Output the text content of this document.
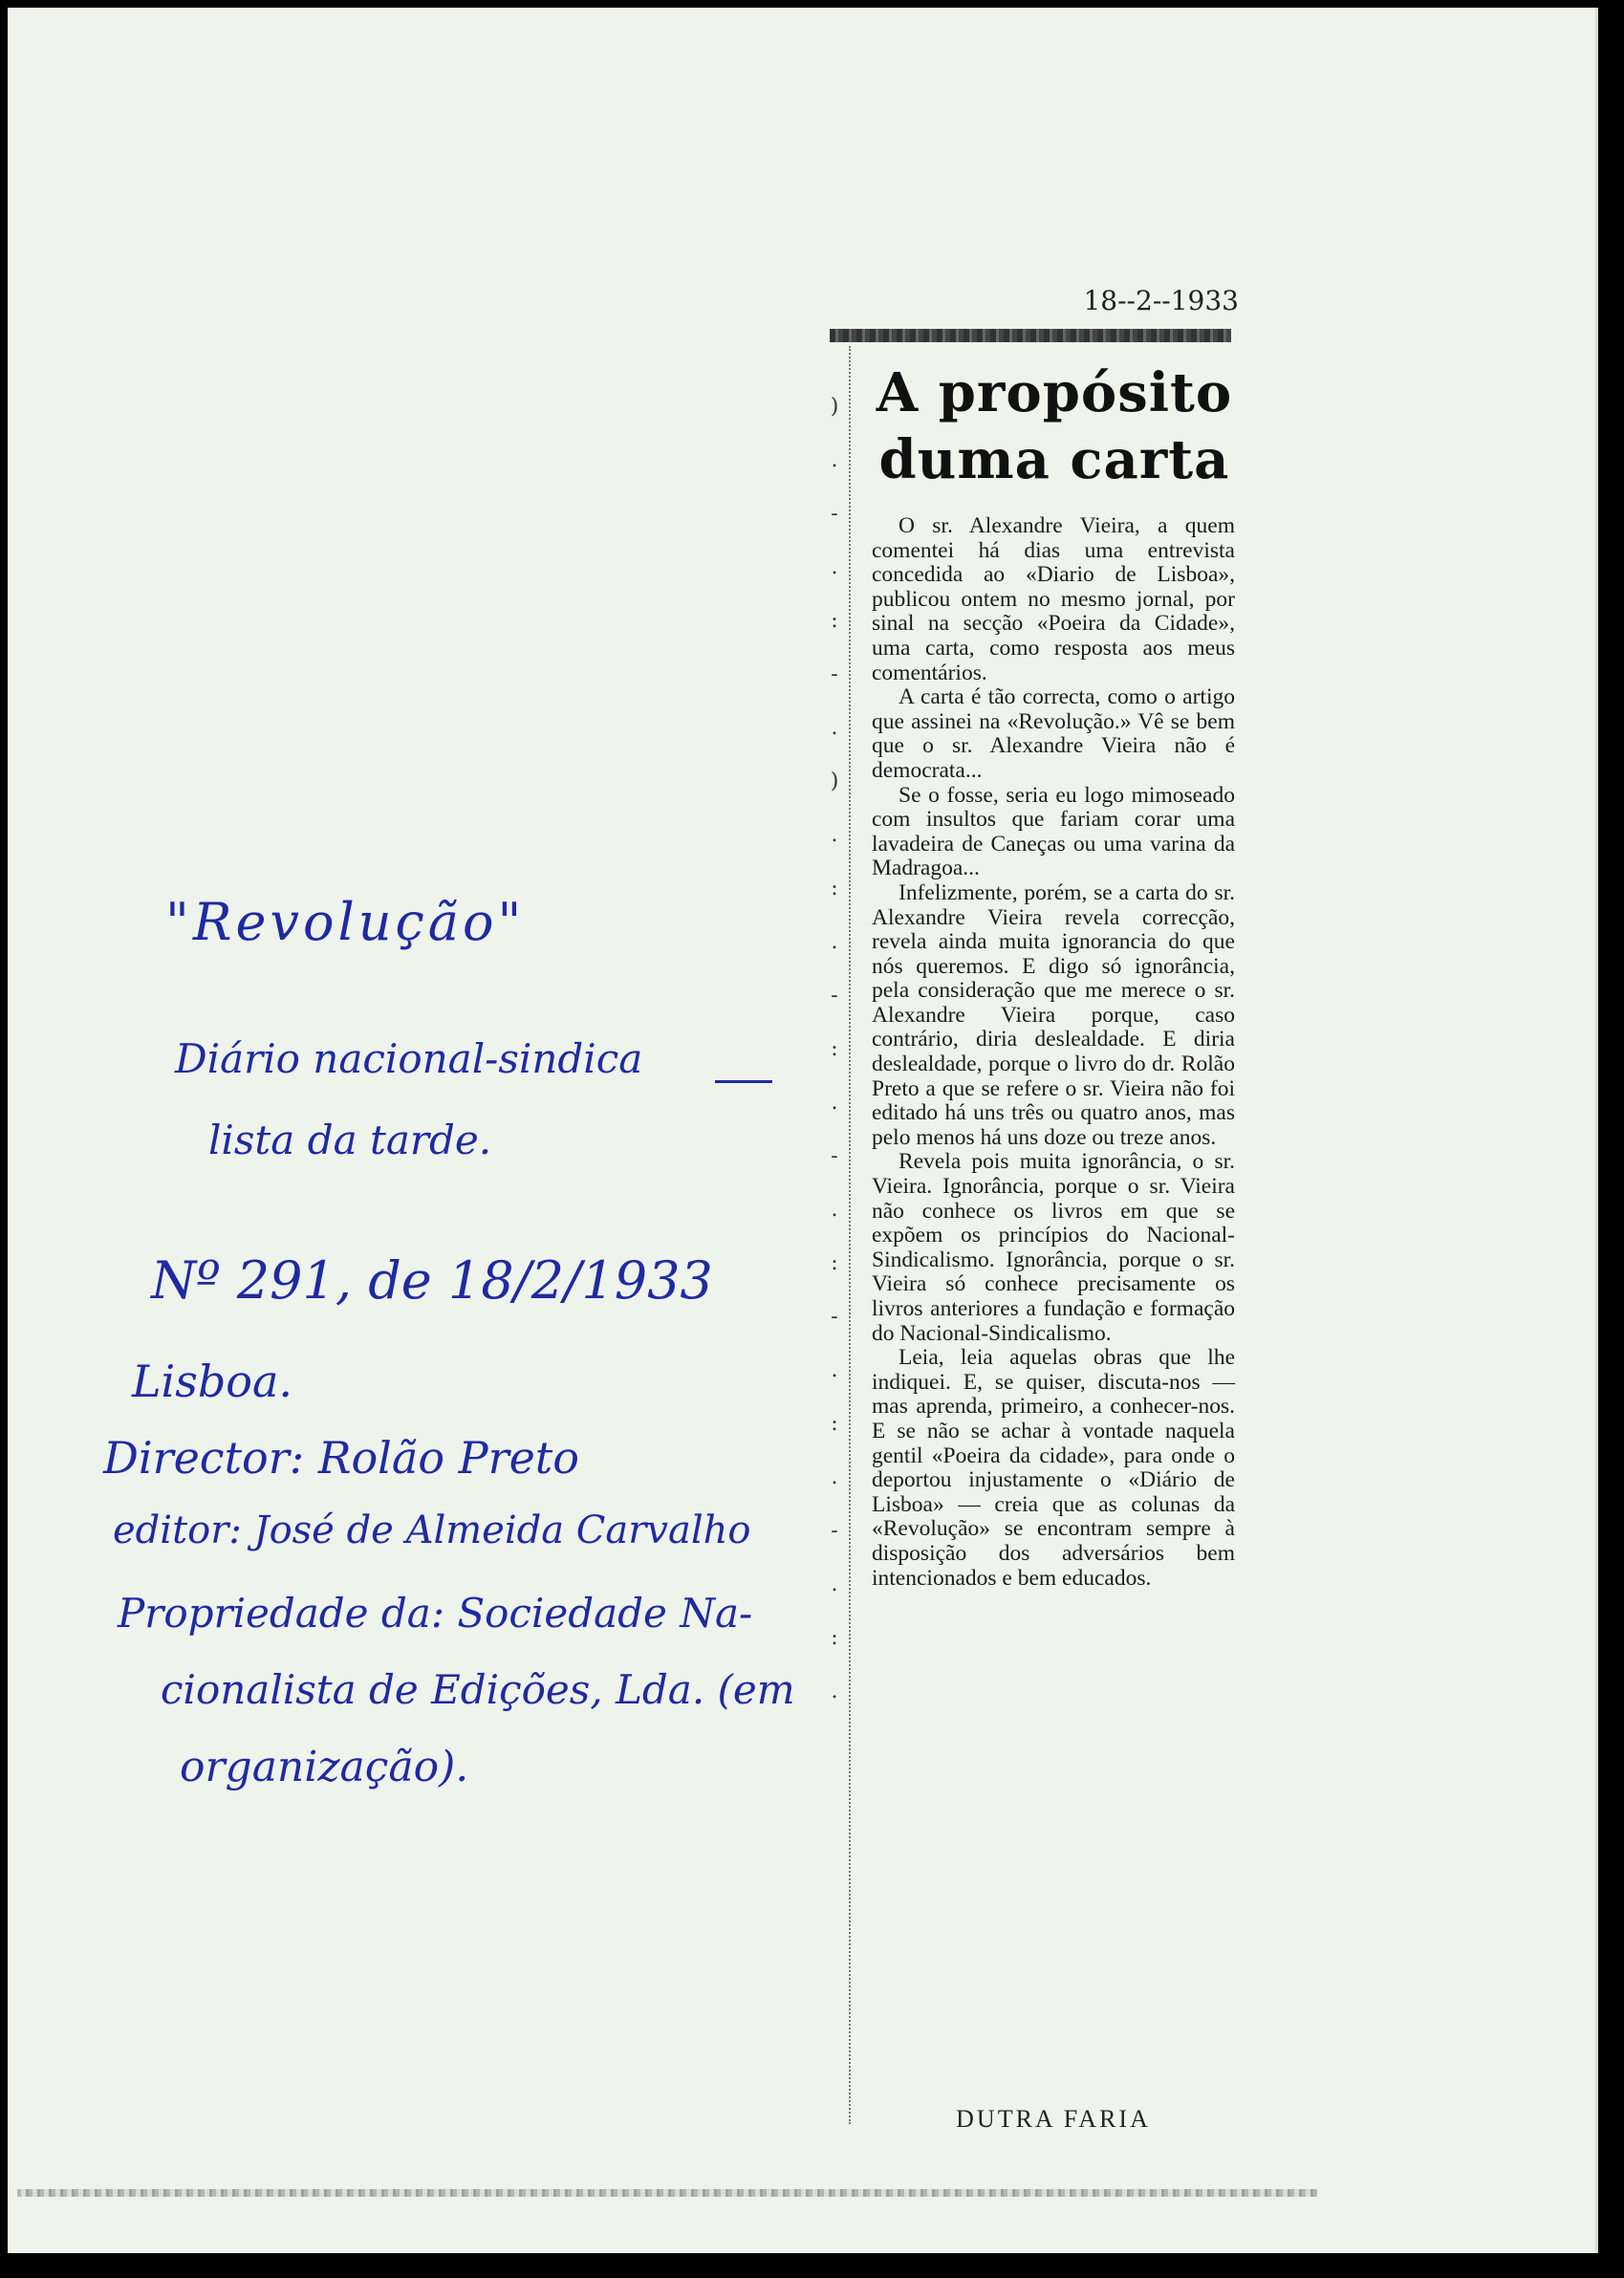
"Revolução"
Diário nacional-sindica
lista da tarde.
Nº 291, de 18/2/1933
Lisboa.
Director: Rolão Preto
editor: José de Almeida Carvalho
Propriedade da: Sociedade Na-
cionalista de Edições, Lda. (em
organização).
18--2--1933
)
.
-
.
:
-
.
)
.
:
.
-
:
.
-
.
:
-
.
:
.
-
.
:
.
A propósito
duma carta

O sr. Alexandre Vieira, a quem comentei há dias uma entrevista concedida ao «Diario de Lisboa», publicou ontem no mesmo jornal, por sinal na secção «Poeira da Cidade», uma carta, como resposta aos meus comentários.

A carta é tão correcta, como o artigo que assinei na «Revolução.» Vê se bem que o sr. Alexandre Vieira não é democrata...

Se o fosse, seria eu logo mimoseado com insultos que fariam corar uma lavadeira de Caneças ou uma varina da Madragoa...

Infelizmente, porém, se a carta do sr. Alexandre Vieira revela correcção, revela ainda muita ignorancia do que nós queremos. E digo só ignorância, pela consideração que me merece o sr. Alexandre Vieira porque, caso contrário, diria deslealdade. E diria deslealdade, porque o livro do dr. Rolão Preto a que se refere o sr. Vieira não foi editado há uns três ou quatro anos, mas pelo menos há uns doze ou treze anos.

Revela pois muita ignorância, o sr. Vieira. Ignorância, porque o sr. Vieira não conhece os livros em que se expõem os princípios do Nacional-Sindicalismo. Ignorância, porque o sr. Vieira só conhece precisamente os livros anteriores a fundação e formação do Nacional-Sindicalismo.

Leia, leia aquelas obras que lhe indiquei. E, se quiser, discuta-nos — mas aprenda, primeiro, a conhecer-nos. E se não se achar à vontade naquela gentil «Poeira da cidade», para onde o deportou injustamente o «Diário de Lisboa» — creia que as colunas da «Revolução» se encontram sempre à disposição dos adversários bem intencionados e bem educados.

DUTRA FARIA
